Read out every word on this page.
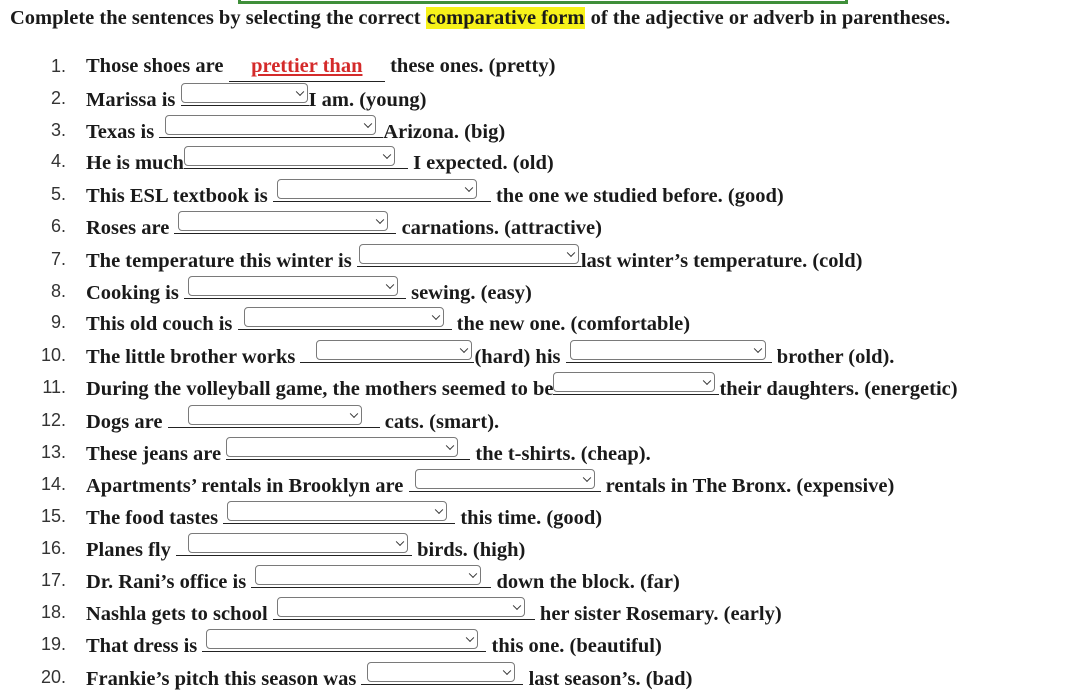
Complete the sentences by selecting the correct comparative form of the adjective or adverb in parentheses.
1. Those shoes are   prettier than   these ones. (pretty)
2. Marissa is	I am. (young)
3. Texas is	Arizona. (big)
4. He is much	I expected. (old)
5. This ESL textbook is	the one we studied before. (good)
6. Roses are	carnations. (attractive)
7. The temperature this winter is	last winter’s temperature. (cold)
8. Cooking is	sewing. (easy)
9. This old couch is	the new one. (comfortable)
10. The little brother works	(hard) his	brother (old).
11. During the volleyball game, the mothers seemed to be	their daughters. (energetic)
12. Dogs are	cats. (smart).
13. These jeans are	the t-shirts. (cheap).
14. Apartments’ rentals in Brooklyn are	rentals in The Bronx. (expensive)
15. The food tastes	this time. (good)
16. Planes fly	birds. (high)
17. Dr. Rani’s office is	down the block. (far)
18. Nashla gets to school	her sister Rosemary. (early)
19. That dress is	this one. (beautiful)
20. Frankie’s pitch this season was	last season’s. (bad)
